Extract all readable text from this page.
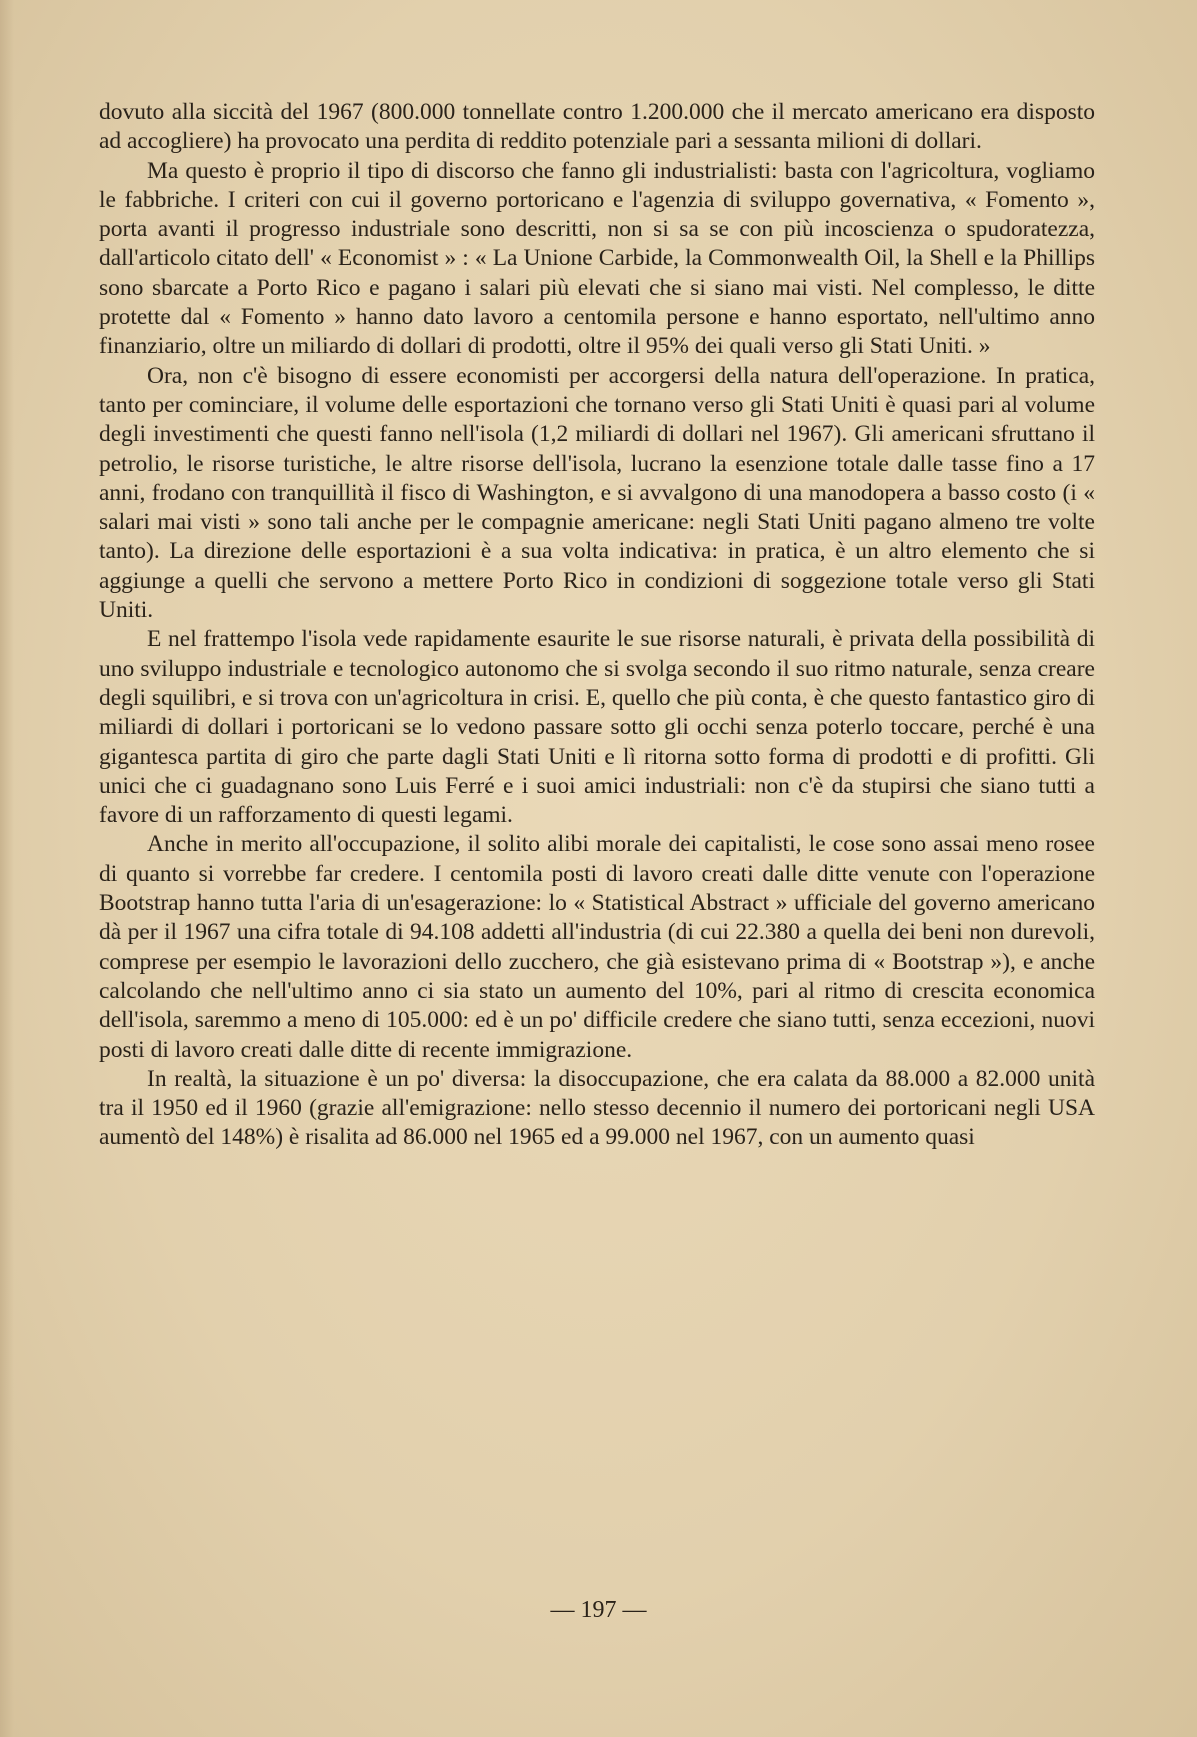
dovuto alla siccità del 1967 (800.000 tonnellate contro 1.200.000 che il mercato americano era disposto ad accogliere) ha provocato una perdita di reddito potenziale pari a sessanta milioni di dollari.

Ma questo è proprio il tipo di discorso che fanno gli industrialisti: basta con l'agricoltura, vogliamo le fabbriche. I criteri con cui il governo portoricano e l'agenzia di sviluppo governativa, « Fomento », porta avanti il progresso industriale sono descritti, non si sa se con più incoscienza o spudoratezza, dall'articolo citato dell' « Economist » : « La Unione Carbide, la Commonwealth Oil, la Shell e la Phillips sono sbarcate a Porto Rico e pagano i salari più elevati che si siano mai visti. Nel complesso, le ditte protette dal « Fomento » hanno dato lavoro a centomila persone e hanno esportato, nell'ultimo anno finanziario, oltre un miliardo di dollari di prodotti, oltre il 95% dei quali verso gli Stati Uniti. »

Ora, non c'è bisogno di essere economisti per accorgersi della natura dell'operazione. In pratica, tanto per cominciare, il volume delle esportazioni che tornano verso gli Stati Uniti è quasi pari al volume degli investimenti che questi fanno nell'isola (1,2 miliardi di dollari nel 1967). Gli americani sfruttano il petrolio, le risorse turistiche, le altre risorse dell'isola, lucrano la esenzione totale dalle tasse fino a 17 anni, frodano con tranquillità il fisco di Washington, e si avvalgono di una manodopera a basso costo (i « salari mai visti » sono tali anche per le compagnie americane: negli Stati Uniti pagano almeno tre volte tanto). La direzione delle esportazioni è a sua volta indicativa: in pratica, è un altro elemento che si aggiunge a quelli che servono a mettere Porto Rico in condizioni di soggezione totale verso gli Stati Uniti.

E nel frattempo l'isola vede rapidamente esaurite le sue risorse naturali, è privata della possibilità di uno sviluppo industriale e tecnologico autonomo che si svolga secondo il suo ritmo naturale, senza creare degli squilibri, e si trova con un'agricoltura in crisi. E, quello che più conta, è che questo fantastico giro di miliardi di dollari i portoricani se lo vedono passare sotto gli occhi senza poterlo toccare, perché è una gigantesca partita di giro che parte dagli Stati Uniti e lì ritorna sotto forma di prodotti e di profitti. Gli unici che ci guadagnano sono Luis Ferré e i suoi amici industriali: non c'è da stupirsi che siano tutti a favore di un rafforzamento di questi legami.

Anche in merito all'occupazione, il solito alibi morale dei capitalisti, le cose sono assai meno rosee di quanto si vorrebbe far credere. I centomila posti di lavoro creati dalle ditte venute con l'operazione Bootstrap hanno tutta l'aria di un'esagerazione: lo « Statistical Abstract » ufficiale del governo americano dà per il 1967 una cifra totale di 94.108 addetti all'industria (di cui 22.380 a quella dei beni non durevoli, comprese per esempio le lavorazioni dello zucchero, che già esistevano prima di « Bootstrap »), e anche calcolando che nell'ultimo anno ci sia stato un aumento del 10%, pari al ritmo di crescita economica dell'isola, saremmo a meno di 105.000: ed è un po' difficile credere che siano tutti, senza eccezioni, nuovi posti di lavoro creati dalle ditte di recente immigrazione.

In realtà, la situazione è un po' diversa: la disoccupazione, che era calata da 88.000 a 82.000 unità tra il 1950 ed il 1960 (grazie all'emigrazione: nello stesso decennio il numero dei portoricani negli USA aumentò del 148%) è risalita ad 86.000 nel 1965 ed a 99.000 nel 1967, con un aumento quasi

— 197 —
